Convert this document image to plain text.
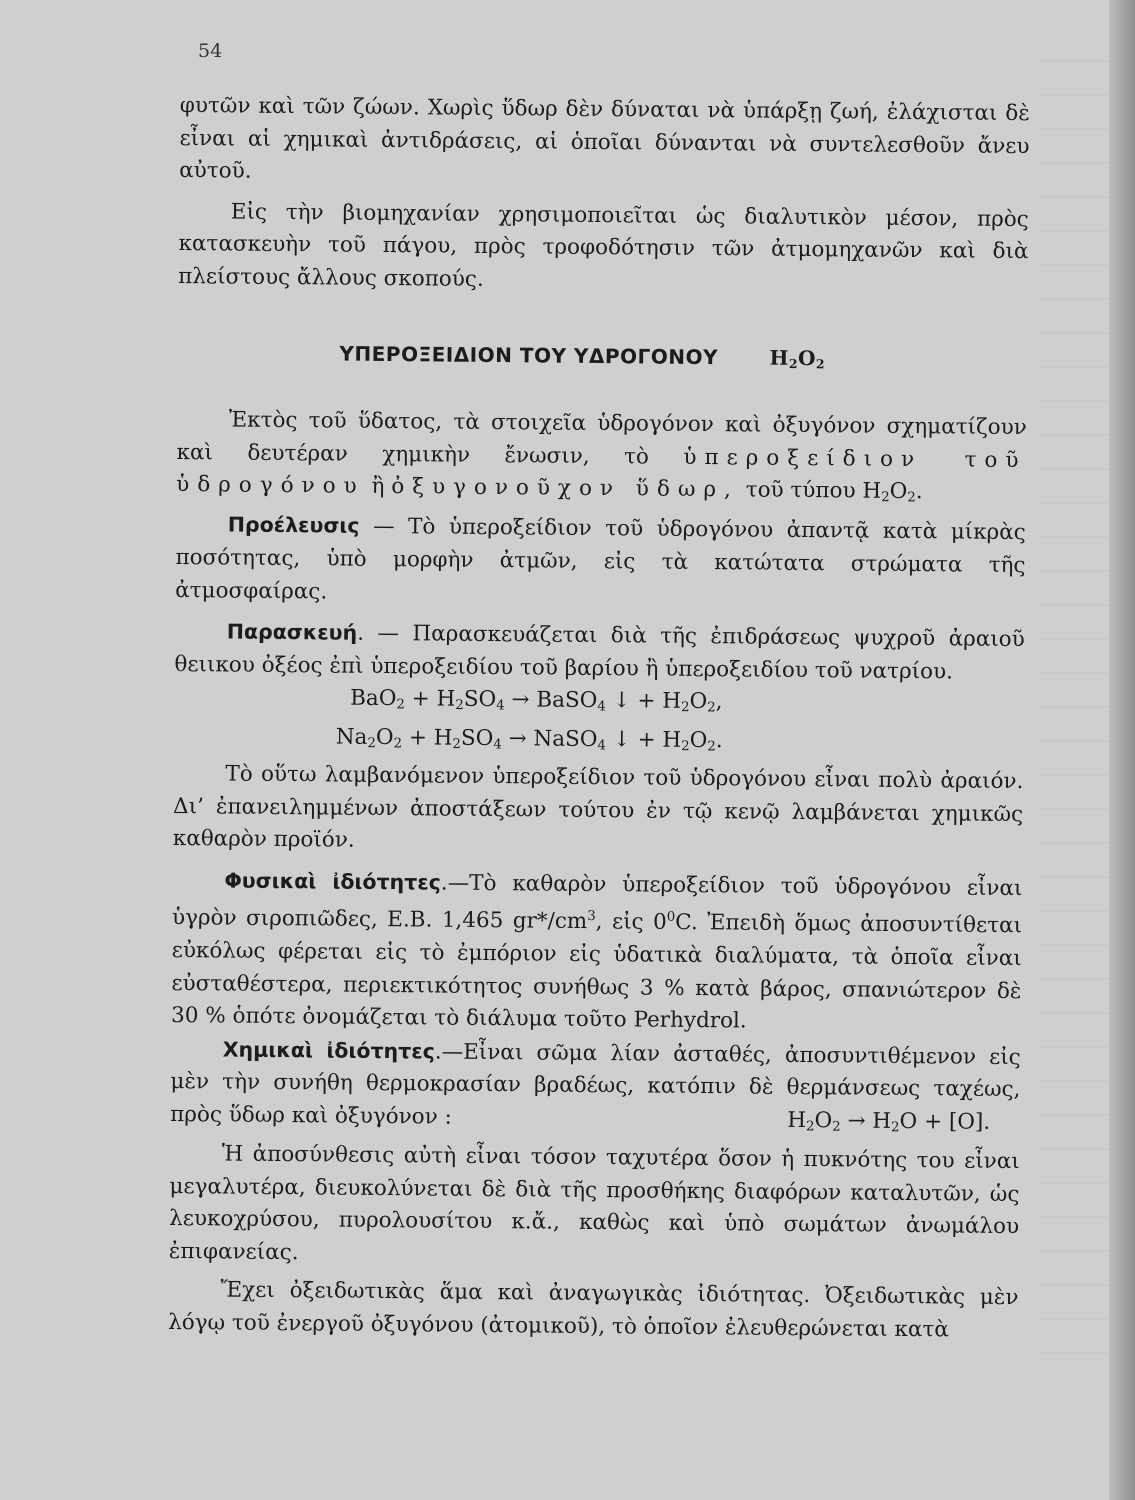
54

φυτῶν καὶ τῶν ζώων. Χωρὶς ὕδωρ δὲν δύναται νὰ ὑπάρξῃ ζωή, ἐλάχισται δὲ εἶναι αἱ χημικαὶ ἀντιδράσεις, αἱ ὁποῖαι δύνανται νὰ συντελεσθοῦν ἄνευ αὐτοῦ.

Εἰς τὴν βιομηχανίαν χρησιμοποιεῖται ὡς διαλυτικὸν μέσον, πρὸς κατασκευὴν τοῦ πάγου, πρὸς τροφοδότησιν τῶν ἀτμομηχανῶν καὶ διὰ πλείστους ἄλλους σκοπούς.

ΥΠΕΡΟΞΕΙΔΙΟΝ ΤΟΥ ΥΔΡΟΓΟΝΟΥ	$H_2O_2$

Ἐκτὸς τοῦ ὕδατος, τὰ στοιχεῖα ὑδρογόνον καὶ ὀξυγόνον σχηματίζουν καὶ δευτέραν χημικὴν ἔνωσιν, τὸ ὑπεροξείδιον τοῦ ὑδρογόνου ἢ ὀξυγονοῦχον ὕδωρ, τοῦ τύπου $H_2O_2$.

Προέλευσις — Τὸ ὑπεροξείδιον τοῦ ὑδρογόνου ἀπαντᾷ κατὰ μίκρὰς ποσότητας, ὑπὸ μορφὴν ἀτμῶν, εἰς τὰ κατώτατα στρώματα τῆς ἀτμοσφαίρας.

Παρασκευή. — Παρασκευάζεται διὰ τῆς ἐπιδράσεως ψυχροῦ ἀραιοῦ θειικου ὀξέος ἐπὶ ὑπεροξειδίου τοῦ βαρίου ἢ ὑπεροξειδίου τοῦ νατρίου.

$BaO_2 + H_2SO_4$ → BaSO$_4$ ↓ + $H_2O_2$,
$Na_2O_2 + H_2SO_4$ → NaSO$_4$ ↓ + $H_2O_2$.

Τὸ οὕτω λαμβανόμενον ὑπεροξείδιον τοῦ ὑδρογόνου εἶναι πολὺ ἀραιόν. Δι’ ἐπανειλημμένων ἀποστάξεων τούτου ἐν τῷ κενῷ λαμβάνεται χημικῶς καθαρὸν προϊόν.

Φυσικαὶ ἰδιότητες.—Τὸ καθαρὸν ὑπεροξείδιον τοῦ ὑδρογόνου εἶναι ὑγρὸν σιροπιῶδες, Ε.Β. 1,465 $gr*/cm^3$, εἰς $0^0C$. Ἐπειδὴ ὅμως ἀποσυντίθεται εὐκόλως φέρεται εἰς τὸ ἐμπόριον εἰς ὑδατικὰ διαλύματα, τὰ ὁποῖα εἶναι εὐσταθέστερα, περιεκτικότητος συνήθως 3 % κατὰ βάρος, σπανιώτερον δὲ 30 % ὁπότε ὀνομάζεται τὸ διάλυμα τοῦτο Perhydrol.

Χημικαὶ ἰδιότητες.—Εἶναι σῶμα λίαν ἀσταθές, ἀποσυντιθέμενον εἰς μὲν τὴν συνήθη θερμοκρασίαν βραδέως, κατόπιν δὲ θερμάνσεως ταχέως, πρὸς ὕδωρ καὶ ὀξυγόνον :	$H_2O_2 \to H_2O + [O]$.

Ἡ ἀποσύνθεσις αὐτὴ εἶναι τόσον ταχυτέρα ὅσον ἡ πυκνότης του εἶναι μεγαλυτέρα, διευκολύνεται δὲ διὰ τῆς προσθήκης διαφόρων καταλυτῶν, ὡς λευκοχρύσου, πυρολουσίτου κ.ἄ., καθὼς καὶ ὑπὸ σωμάτων ἀνωμάλου ἐπιφανείας.

Ἔχει ὀξειδωτικὰς ἅμα καὶ ἀναγωγικὰς ἰδιότητας. Ὀξειδωτικὰς μὲν λόγῳ τοῦ ἐνεργοῦ ὀξυγόνου (ἀτομικοῦ), τὸ ὁποῖον ἐλευθερώνεται κατὰ
